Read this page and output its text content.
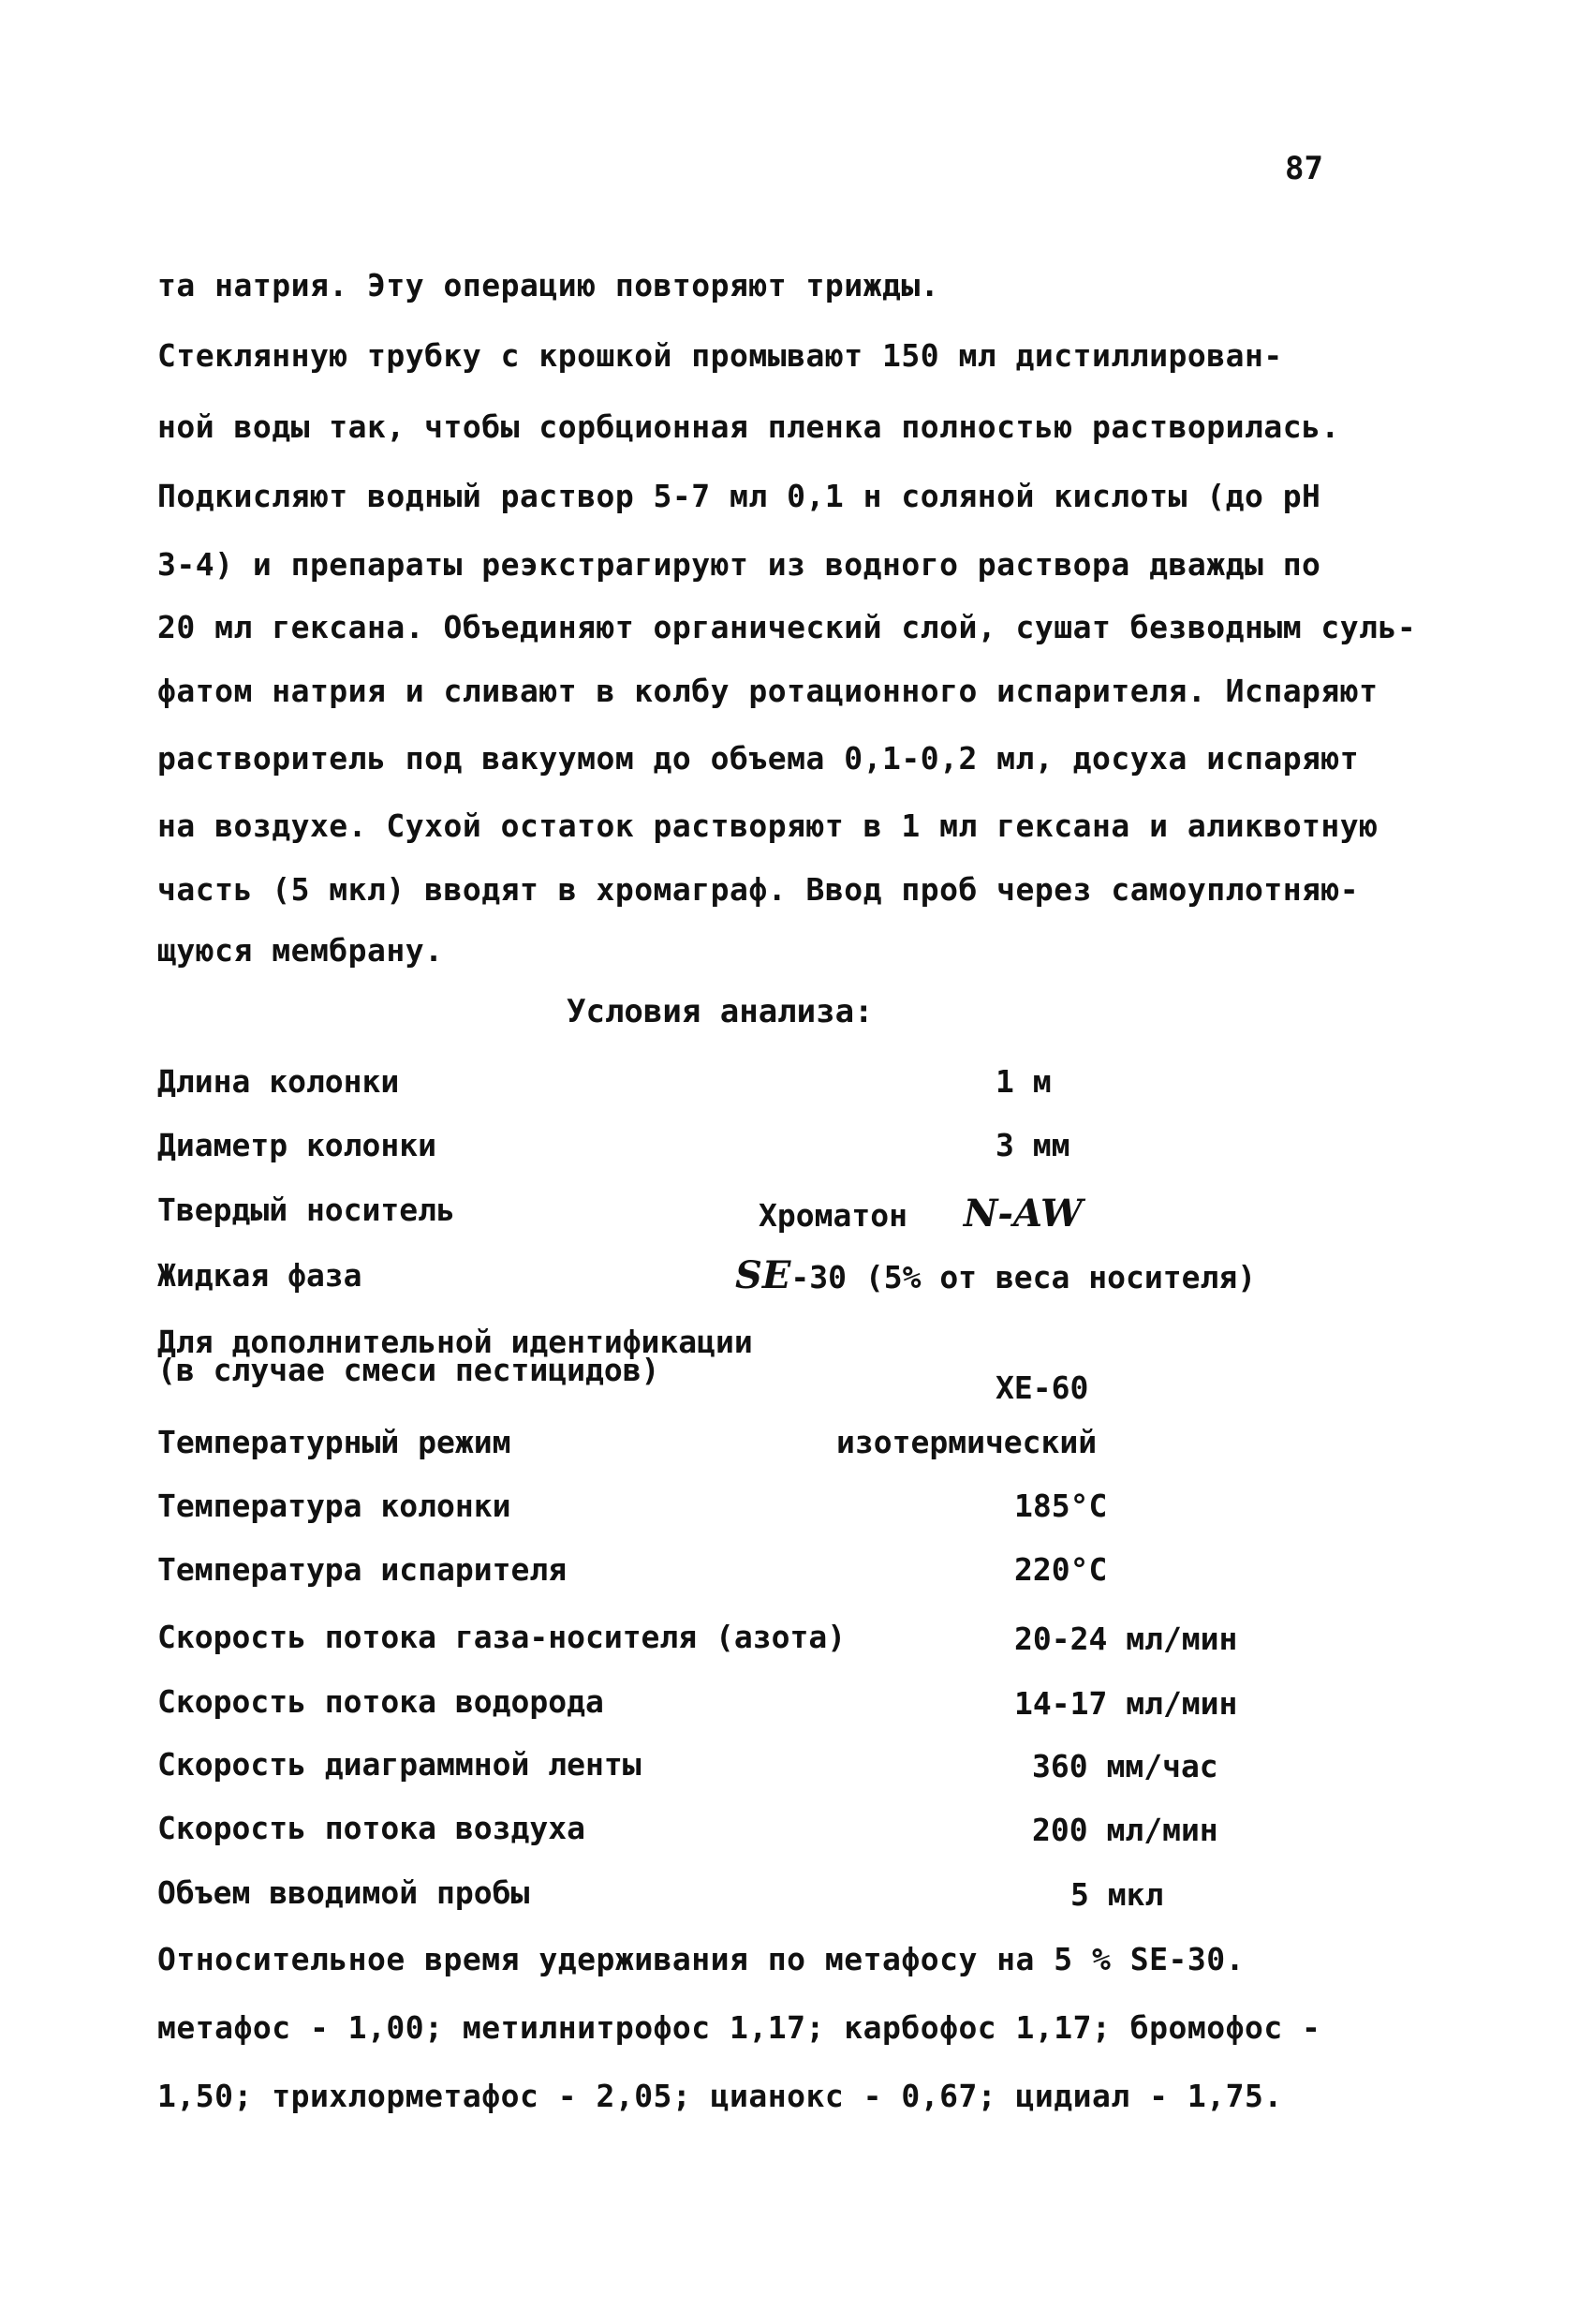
87
та натрия. Эту операцию повторяют трижды.
Стеклянную трубку с крошкой промывают 150 мл дистиллирован-
ной воды так, чтобы сорбционная пленка полностью растворилась.
Подкисляют водный раствор 5-7 мл 0,1 н соляной кислоты (до рН
3-4) и препараты реэкстрагируют из водного раствора дважды по
20 мл гексана. Объединяют органический слой, сушат безводным суль-
фатом натрия и сливают в колбу ротационного испарителя. Испаряют
растворитель под вакуумом до объема 0,1-0,2 мл, досуха испаряют
на воздухе. Сухой остаток растворяют в 1 мл гексана и аликвотную
часть (5 мкл) вводят в хромаграф. Ввод проб через самоуплотняю-
щуюся мембрану.
Условия анализа:
Длина колонки	1 м
Диаметр колонки	3 мм
Твердый носитель	Хроматон N-AW
Жидкая фаза	SE-30 (5% от веса носителя)
Для дополнительной идентификации
(в случае смеси пестицидов)	ХЕ-60
Температурный режим	изотермический
Температура колонки	185°С
Температура испарителя	220°С
Скорость потока газа-носителя (азота)	20-24 мл/мин
Скорость потока водорода	14-17 мл/мин
Скорость диаграммной ленты	360 мм/час
Скорость потока воздуха	200 мл/мин
Объем вводимой пробы	5 мкл
Относительное время удерживания по метафосу на 5 % SE-30.
метафос - 1,00; метилнитрофос 1,17; карбофос 1,17; бромофос -
1,50; трихлорметафос - 2,05; цианокс - 0,67; цидиал - 1,75.
